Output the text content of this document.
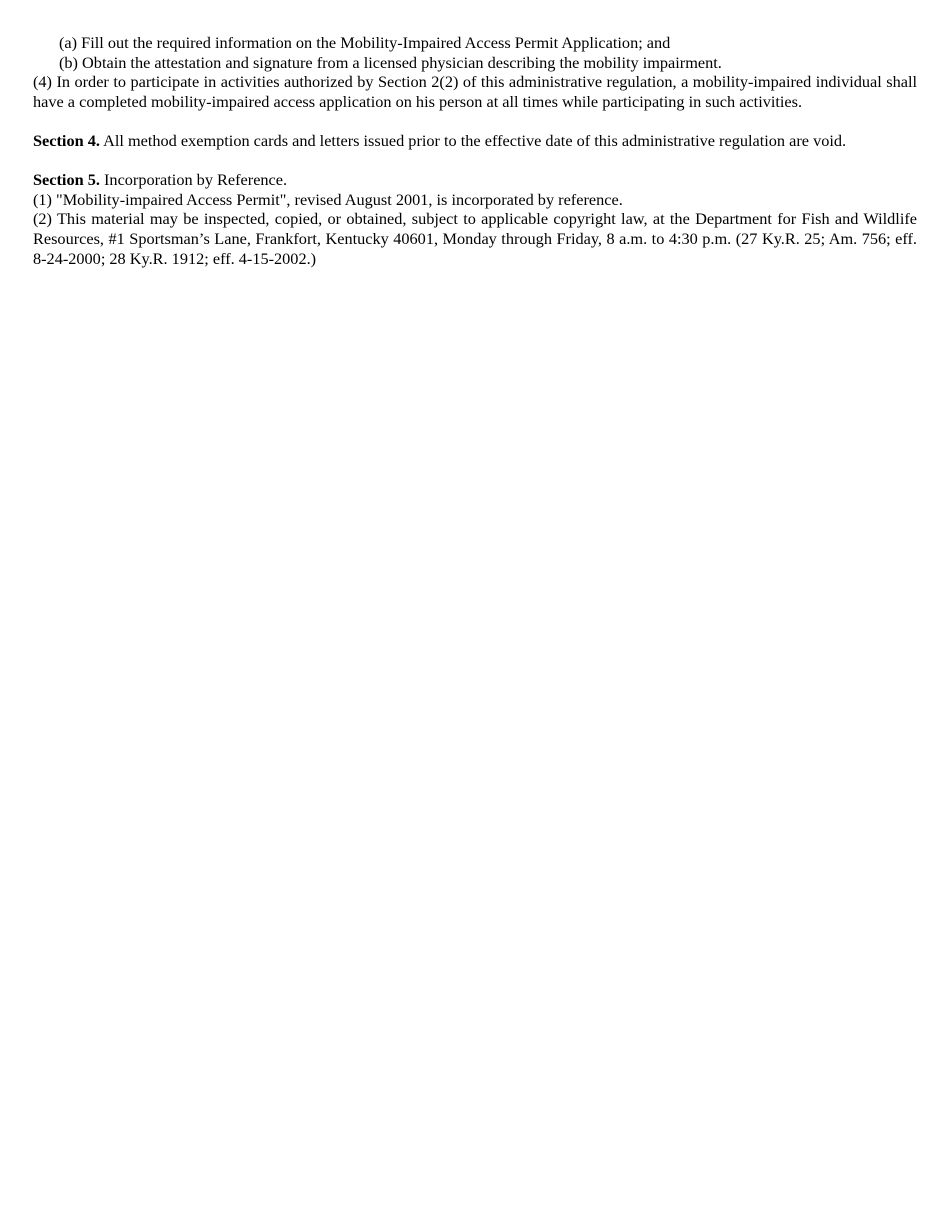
(a) Fill out the required information on the Mobility-Impaired Access Permit Application; and

(b) Obtain the attestation and signature from a licensed physician describing the mobility impairment.

(4) In order to participate in activities authorized by Section 2(2) of this administrative regulation, a mobility-impaired individual shall have a completed mobility-impaired access application on his person at all times while participating in such activities.

Section 4. All method exemption cards and letters issued prior to the effective date of this administrative regulation are void.

Section 5. Incorporation by Reference.

(1) "Mobility-impaired Access Permit", revised August 2001, is incorporated by reference.

(2) This material may be inspected, copied, or obtained, subject to applicable copyright law, at the Department for Fish and Wildlife Resources, #1 Sportsman’s Lane, Frankfort, Kentucky 40601, Monday through Friday, 8 a.m. to 4:30 p.m. (27 Ky.R. 25; Am. 756; eff. 8-24-2000; 28 Ky.R. 1912; eff. 4-15-2002.)
